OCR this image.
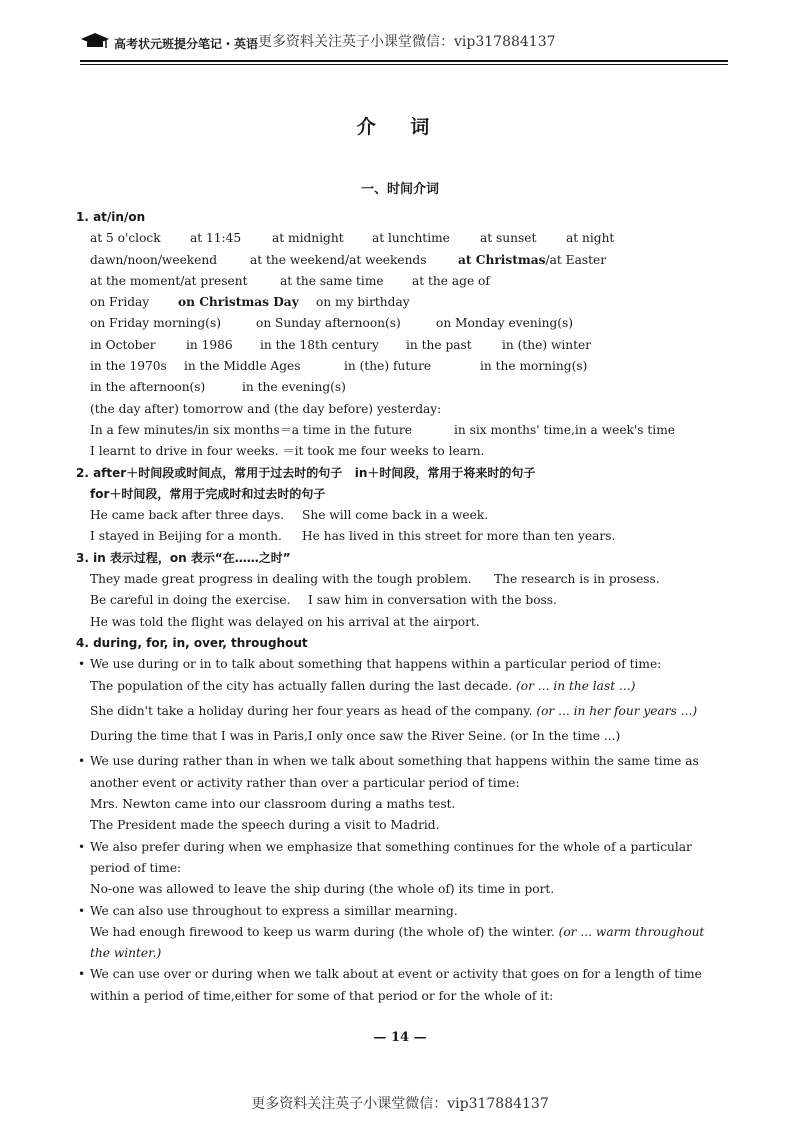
高考状元班提分笔记・英语 更多资料关注英子小课堂微信：vip317884137
介 词
一、时间介词
1. at/in/on
at 5 o'clock at 11:45	at midnight at lunchtime at sunset at night
dawn/noon/weekend	at the weekend/at weekends	at Christmas/at Easter
at the moment/at present	at the same time at the age of
on Friday on Christmas Day on my birthday
on Friday morning(s)	on Sunday afternoon(s)	on Monday evening(s)
in October in 1986 in the 18th century in the past in (the) winter
in the 1970s in the Middle Ages	in (the) future	in the morning(s)
in the afternoon(s)	in the evening(s)
(the day after) tomorrow and (the day before) yesterday:
In a few minutes/in six months＝a time in the future	in six months' time,in a week's time
I learnt to drive in four weeks. ＝it took me four weeks to learn.
2. after＋时间段或时间点，常用于过去时的句子 in＋时间段，常用于将来时的句子
for＋时间段，常用于完成时和过去时的句子
He came back after three days. She will come back in a week.
I stayed in Beijing for a month. He has lived in this street for more than ten years.
3. in 表示过程，on 表示“在……之时”
They made great progress in dealing with the tough problem. The research is in prosess.
Be careful in doing the exercise. I saw him in conversation with the boss.
He was told the flight was delayed on his arrival at the airport.
4. during, for, in, over, throughout
• We use during or in to talk about something that happens within a particular period of time:
The population of the city has actually fallen during the last decade. (or ... in the last ...)
She didn't take a holiday during her four years as head of the company. (or ... in her four years ...)
During the time that I was in Paris,I only once saw the River Seine. (or In the time ...)
• We use during rather than in when we talk about something that happens within the same time as another event or activity rather than over a particular period of time:
Mrs. Newton came into our classroom during a maths test.
The President made the speech during a visit to Madrid.
• We also prefer during when we emphasize that something continues for the whole of a particular period of time:
No-one was allowed to leave the ship during (the whole of) its time in port.
• We can also use throughout to express a simillar mearning.
We had enough firewood to keep us warm during (the whole of) the winter. (or ... warm throughout the winter.)
• We can use over or during when we talk about at event or activity that goes on for a length of time within a period of time,either for some of that period or for the whole of it:
— 14 —
更多资料关注英子小课堂微信：vip317884137
